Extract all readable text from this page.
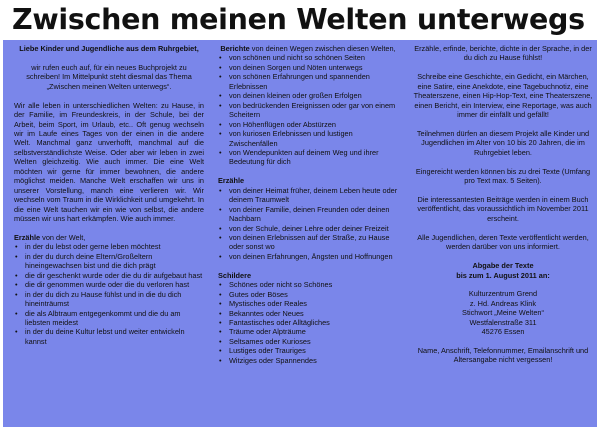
Zwischen meinen Welten unterwegs

Liebe Kinder und Jugendliche aus dem Ruhrgebiet,

wir rufen euch auf, für ein neues Buchprojekt zu schreiben! Im Mittelpunkt steht diesmal das Thema „Zwischen meinen Welten unterwegs“.

Wir alle leben in unterschiedlichen Welten: zu Hause, in der Familie, im Freundeskreis, in der Schule, bei der Arbeit, beim Sport, im Urlaub, etc.. Oft genug wechseln wir im Laufe eines Tages von der einen in die andere Welt. Manchmal ganz unverhofft, manchmal auf die selbstverständlichste Weise. Oder aber wir leben in zwei Welten gleichzeitig. Wie auch immer. Die eine Welt möchten wir gerne für immer bewohnen, die andere möglichst meiden. Manche Welt erschaffen wir uns in unserer Vorstellung, manch eine verlieren wir. Wir wechseln vom Traum in die Wirklichkeit und umgekehrt. In die eine Welt tauchen wir ein wie von selbst, die andere müssen wir uns hart erkämpfen. Wie auch immer.

Erzähle von der Welt,

• in der du lebst oder gerne leben möchtest
• in der du durch deine Eltern/Großeltern hineingewachsen bist und die dich prägt
• die dir geschenkt wurde oder die du dir aufgebaut hast
• die dir genommen wurde oder die du verloren hast
• in der du dich zu Hause fühlst und in die du dich hineinträumst
• die als Albtraum entgegenkommt und die du am liebsten meidest
• in der du deine Kultur lebst und weiter entwickeln kannst

Berichte von deinen Wegen zwischen diesen Welten,

• von schönen und nicht so schönen Seiten
• von deinen Sorgen und Nöten unterwegs
• von schönen Erfahrungen und spannenden Erlebnissen
• von deinen kleinen oder großen Erfolgen
• von bedrückenden Ereignissen oder gar von einem Scheitern
• von Höhenflügen oder Abstürzen
• von kuriosen Erlebnissen und lustigen Zwischenfällen
• von Wendepunkten auf deinem Weg und ihrer Bedeutung für dich

Erzähle

• von deiner Heimat früher, deinem Leben heute oder deinem Traumwelt
• von deiner Familie, deinen Freunden oder deinen Nachbarn
• von der Schule, deiner Lehre oder deiner Freizeit
• von deinen Erlebnissen auf der Straße, zu Hause oder sonst wo
• von deinen Erfahrungen, Ängsten und Hoffnungen

Schildere

• Schönes oder nicht so Schönes
• Gutes oder Böses
• Mystisches oder Reales
• Bekanntes oder Neues
• Fantastisches oder Alltägliches
• Träume oder Alpträume
• Seltsames oder Kurioses
• Lustiges oder Trauriges
• Witziges oder Spannendes

Erzähle, erfinde, berichte, dichte in der Sprache, in der du dich zu Hause fühlst!

Schreibe eine Geschichte, ein Gedicht, ein Märchen, eine Satire, eine Anekdote, eine Tagebuchnotiz, eine Theaterszene, einen Hip-Hop-Text, eine Theaterszene, einen Bericht, ein Interview, eine Reportage, was auch immer dir einfällt und gefällt!

Teilnehmen dürfen an diesem Projekt alle Kinder und Jugendlichen im Alter von 10 bis 20 Jahren, die im Ruhrgebiet leben.

Eingereicht werden können bis zu drei Texte (Umfang pro Text max. 5 Seiten).

Die interessantesten Beiträge werden in einem Buch veröffentlicht, das voraussichtlich im November 2011 erscheint.

Alle Jugendlichen, deren Texte veröffentlicht werden, werden darüber von uns informiert.

Abgabe der Texte
bis zum 1. August 2011 an:

Kulturzentrum Grend
z. Hd. Andreas Klink
Stichwort „Meine Welten“
Westfalenstraße 311
45276 Essen

Name, Anschrift, Telefonnummer, Emailanschrift und Altersangabe nicht vergessen!
